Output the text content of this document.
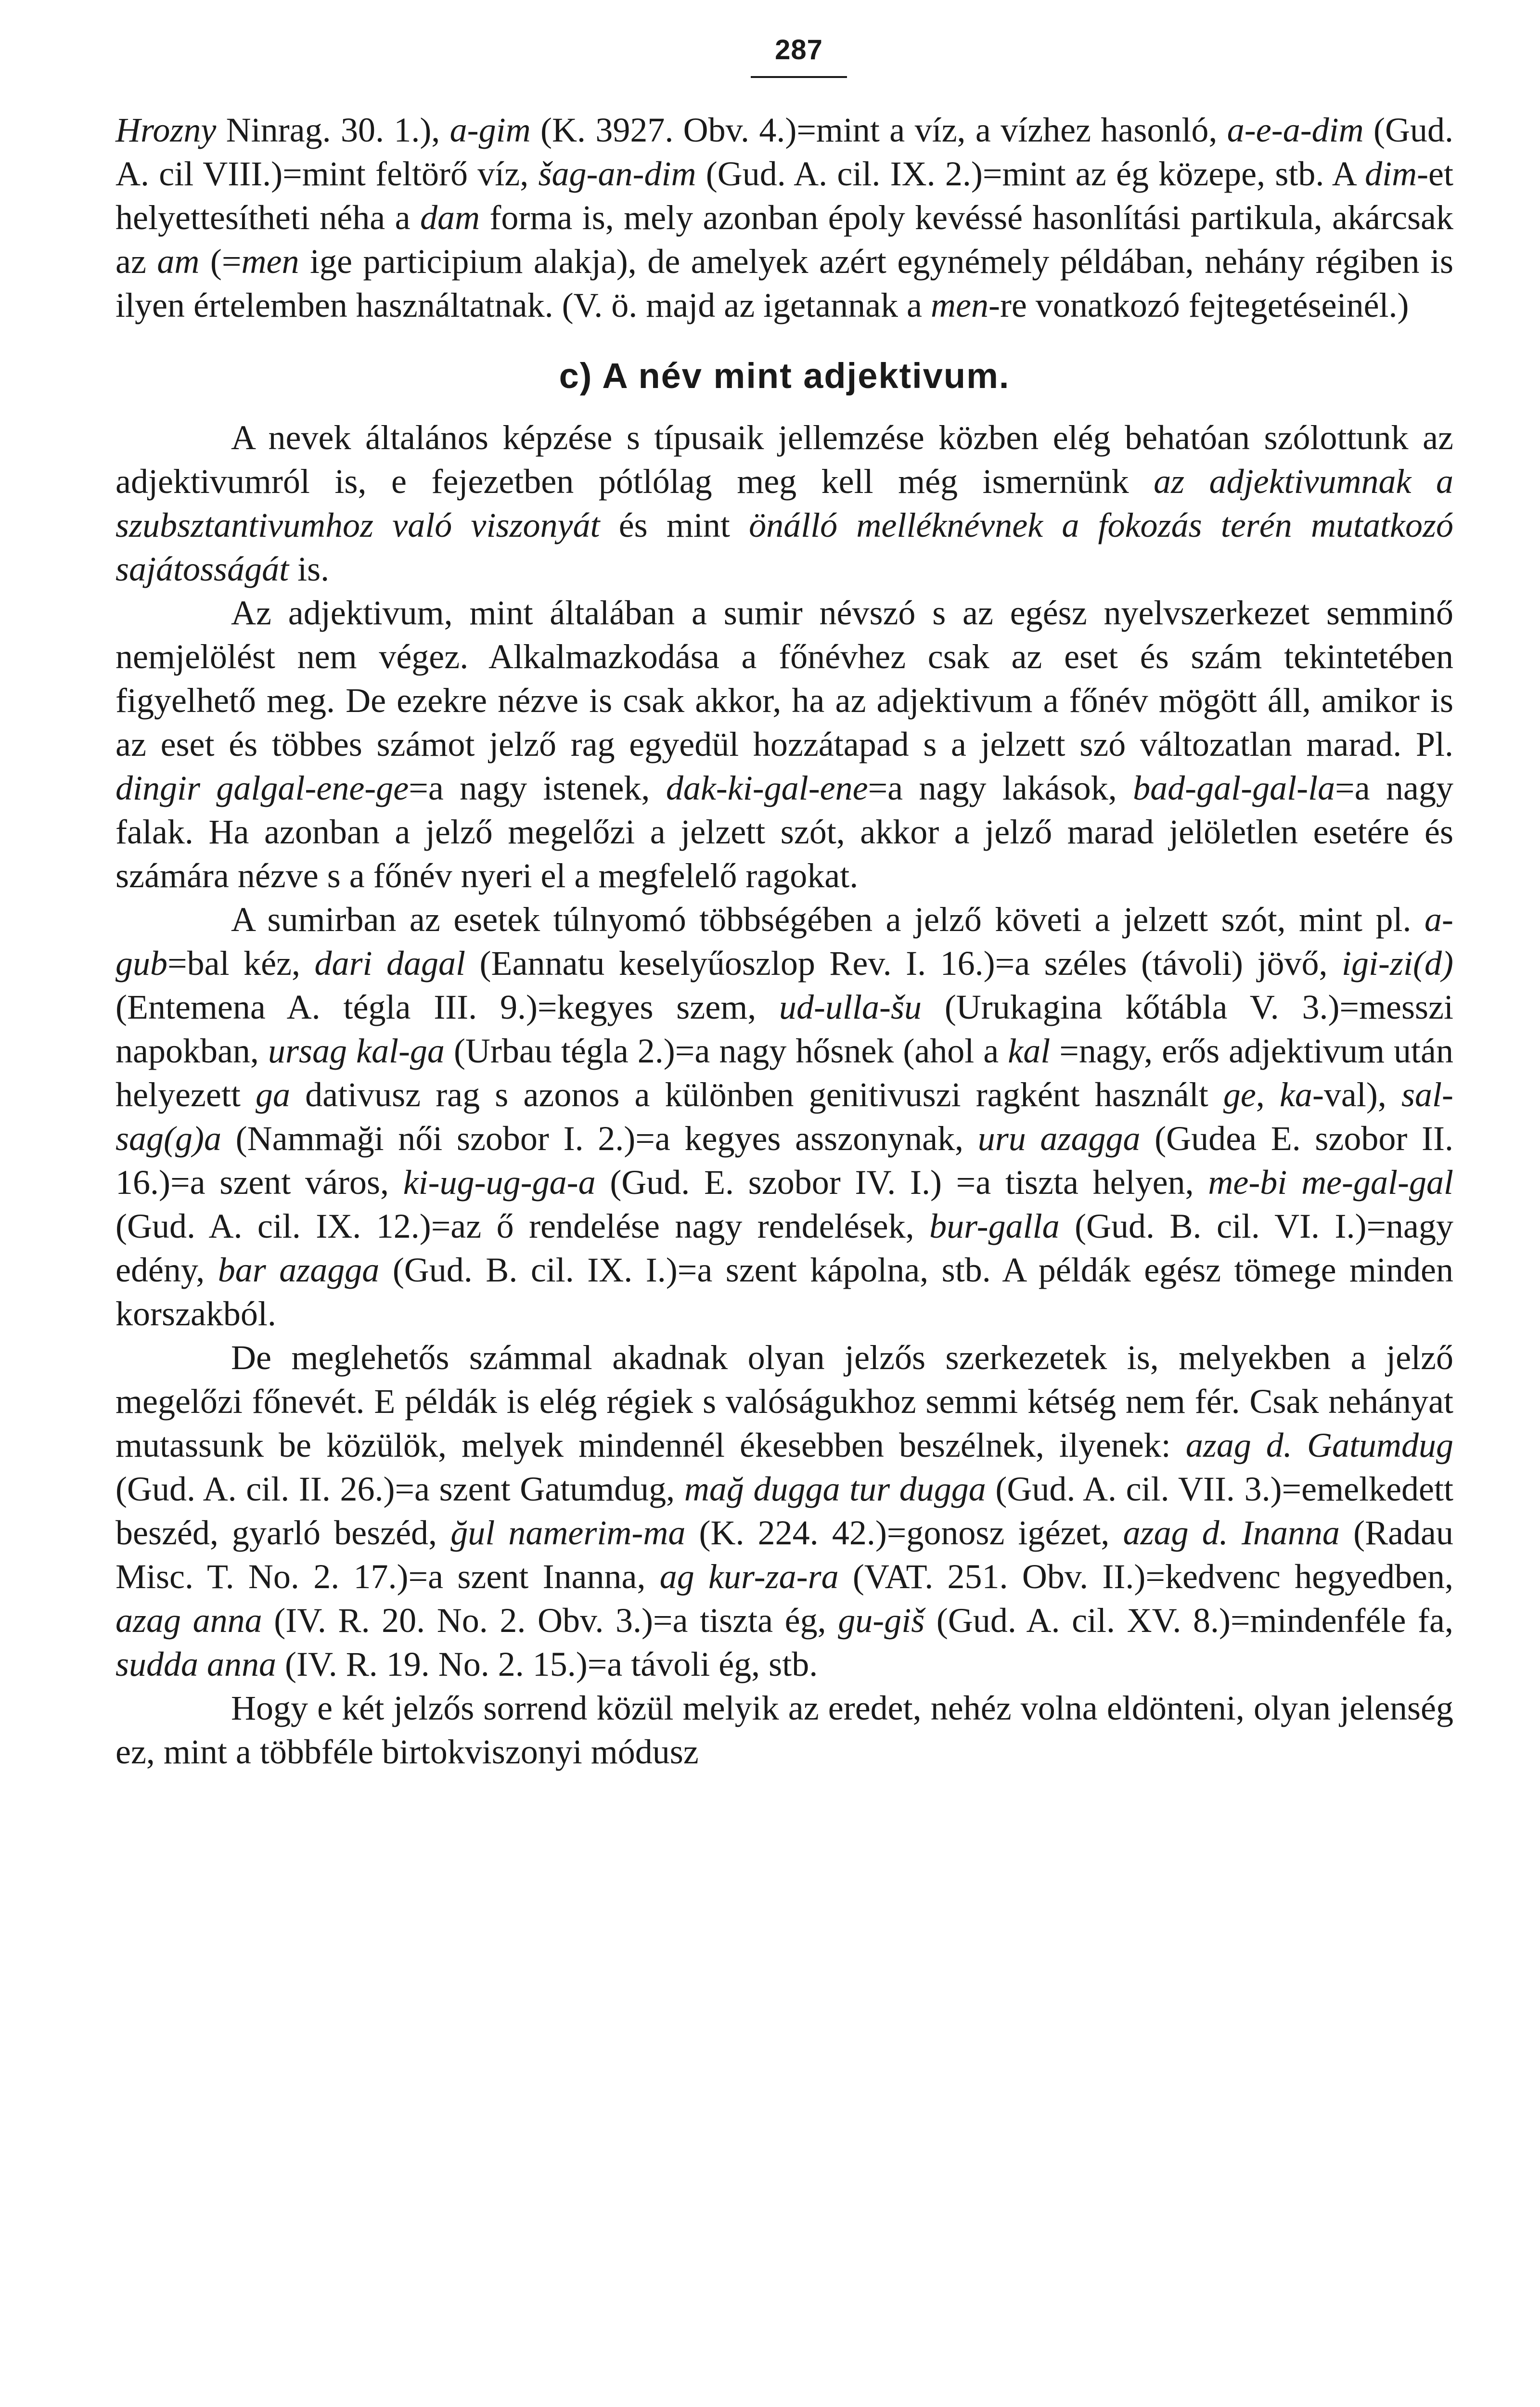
287

Hrozny Ninrag. 30. 1.), a-gim (K. 3927. Obv. 4.)=mint a víz, a vízhez hasonló, a-e-a-dim (Gud. A. cil VIII.)=mint feltörő víz, šag-an-dim (Gud. A. cil. IX. 2.)=mint az ég közepe, stb. A dim-et helyettesítheti néha a dam forma is, mely azonban époly kevéssé hasonlítási partikula, akárcsak az am (=men ige participium alakja), de amelyek azért egynémely példában, nehány régiben is ilyen értelemben használtatnak. (V. ö. majd az igetannak a men-re vonatkozó fejtegetéseinél.)

c) A név mint adjektivum.

A nevek általános képzése s típusaik jellemzése közben elég behatóan szólottunk az adjektivumról is, e fejezetben pótlólag meg kell még ismernünk az adjektivumnak a szubsztantivumhoz való viszonyát és mint önálló melléknévnek a fokozás terén mutatkozó sajátosságát is.

Az adjektivum, mint általában a sumir névszó s az egész nyelvszerkezet semminő nemjelölést nem végez. Alkalmazkodása a főnévhez csak az eset és szám tekintetében figyelhető meg. De ezekre nézve is csak akkor, ha az adjektivum a főnév mögött áll, amikor is az eset és többes számot jelző rag egyedül hozzátapad s a jelzett szó változatlan marad. Pl. dingir galgal-ene-ge=a nagy istenek, dak-ki-gal-ene=a nagy lakások, bad-gal-gal-la=a nagy falak. Ha azonban a jelző megelőzi a jelzett szót, akkor a jelző marad jelöletlen esetére és számára nézve s a főnév nyeri el a megfelelő ragokat.

A sumirban az esetek túlnyomó többségében a jelző követi a jelzett szót, mint pl. a-gub=bal kéz, dari dagal (Eannatu keselyűoszlop Rev. I. 16.)=a széles (távoli) jövő, igi-zi(d) (Entemena A. tégla III. 9.)=kegyes szem, ud-ulla-šu (Urukagina kőtábla V. 3.)=messzi napokban, ursag kal-ga (Urbau tégla 2.)=a nagy hősnek (ahol a kal =nagy, erős adjektivum után helyezett ga dativusz rag s azonos a különben genitivuszi ragként használt ge, ka-val), sal-sag(g)a (Nammaği női szobor I. 2.)=a kegyes asszonynak, uru azagga (Gudea E. szobor II. 16.)=a szent város, ki-ug-ug-ga-a (Gud. E. szobor IV. I.) =a tiszta helyen, me-bi me-gal-gal (Gud. A. cil. IX. 12.)=az ő rendelése nagy rendelések, bur-galla (Gud. B. cil. VI. I.)=nagy edény, bar azagga (Gud. B. cil. IX. I.)=a szent kápolna, stb. A példák egész tömege minden korszakból.

De meglehetős számmal akadnak olyan jelzős szerkezetek is, melyekben a jelző megelőzi főnevét. E példák is elég régiek s valóságukhoz semmi kétség nem fér. Csak nehányat mutassunk be közülök, melyek mindennél ékesebben beszélnek, ilyenek: azag d. Gatumdug (Gud. A. cil. II. 26.)=a szent Gatumdug, mağ dugga tur dugga (Gud. A. cil. VII. 3.)=emelkedett beszéd, gyarló beszéd, ğul namerim-ma (K. 224. 42.)=gonosz igézet, azag d. Inanna (Radau Misc. T. No. 2. 17.)=a szent Inanna, ag kur-za-ra (VAT. 251. Obv. II.)=kedvenc hegyedben, azag anna (IV. R. 20. No. 2. Obv. 3.)=a tiszta ég, gu-giš (Gud. A. cil. XV. 8.)=mindenféle fa, sudda anna (IV. R. 19. No. 2. 15.)=a távoli ég, stb.

Hogy e két jelzős sorrend közül melyik az eredet, nehéz volna eldönteni, olyan jelenség ez, mint a többféle birtokviszonyi módusz
